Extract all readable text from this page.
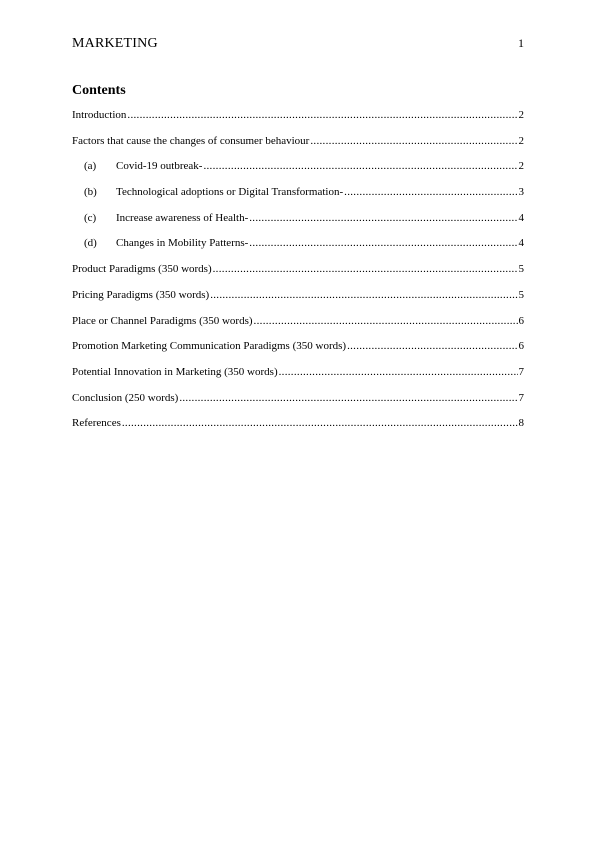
MARKETING	1
Contents
Introduction .....	2
Factors that cause the changes of consumer behaviour .....	2
(a)	Covid-19 outbreak- .....	2
(b)	Technological adoptions or Digital Transformation- .....	3
(c)	Increase awareness of Health- .....	4
(d)	Changes in Mobility Patterns- .....	4
Product Paradigms (350 words) .....	5
Pricing Paradigms (350 words) .....	5
Place or Channel Paradigms (350 words) .....	6
Promotion Marketing Communication Paradigms (350 words) .....	6
Potential Innovation in Marketing (350 words) .....	7
Conclusion (250 words) .....	7
References .....	8
